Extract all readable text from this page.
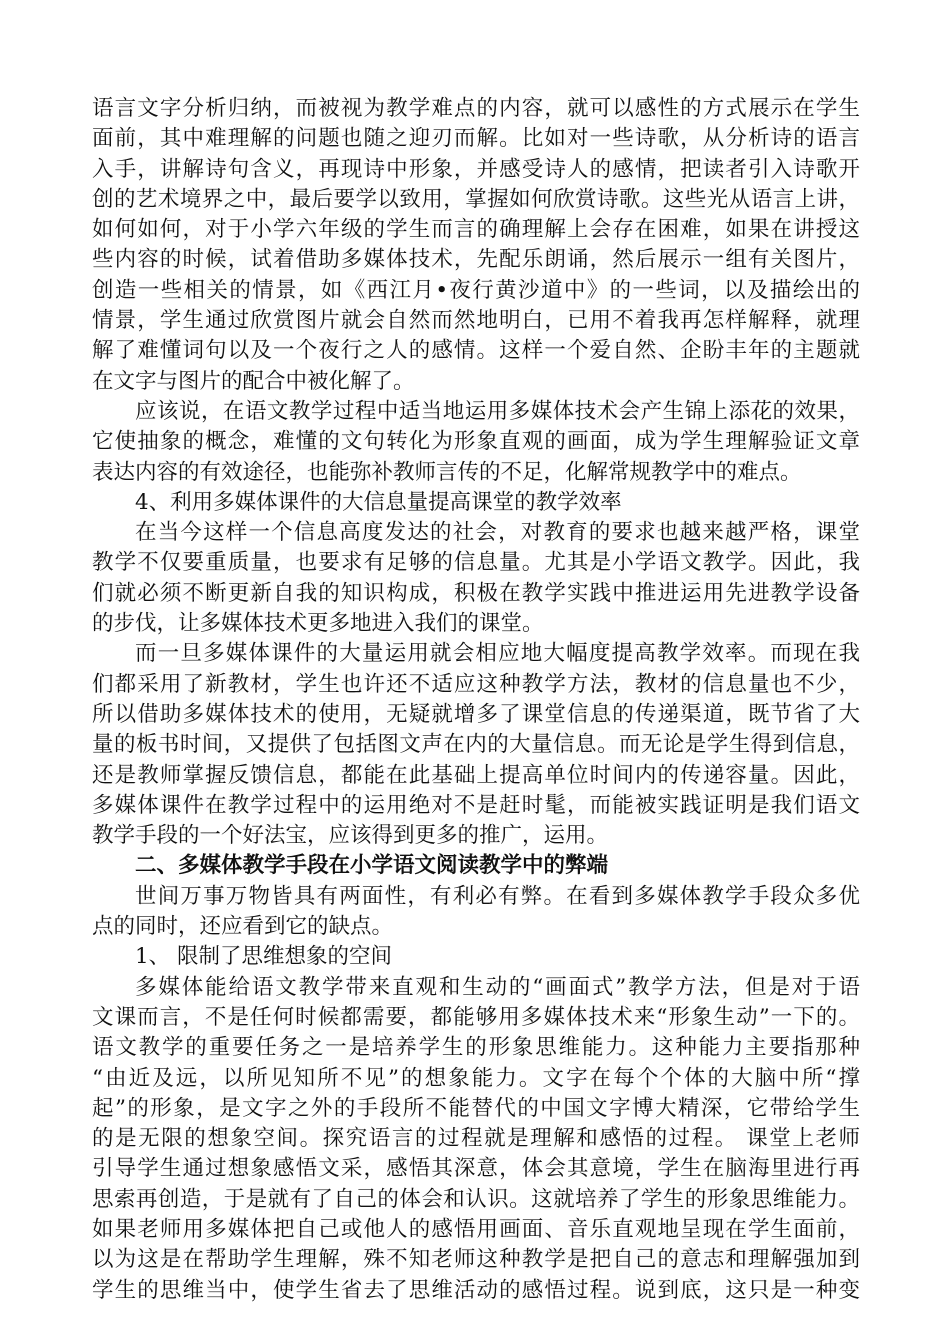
语言文字分析归纳，而被视为教学难点的内容，就可以感性的方式展示在学生
面前，其中难理解的问题也随之迎刃而解。比如对一些诗歌，从分析诗的语言
入手，讲解诗句含义，再现诗中形象，并感受诗人的感情，把读者引入诗歌开
创的艺术境界之中，最后要学以致用，掌握如何欣赏诗歌。这些光从语言上讲，
如何如何，对于小学六年级的学生而言的确理解上会存在困难，如果在讲授这
些内容的时候，试着借助多媒体技术，先配乐朗诵，然后展示一组有关图片，
创造一些相关的情景，如《西江月•夜行黄沙道中》的一些词，以及描绘出的
情景，学生通过欣赏图片就会自然而然地明白，已用不着我再怎样解释，就理
解了难懂词句以及一个夜行之人的感情。这样一个爱自然、企盼丰年的主题就
在文字与图片的配合中被化解了。
应该说，在语文教学过程中适当地运用多媒体技术会产生锦上添花的效果，
它使抽象的概念，难懂的文句转化为形象直观的画面，成为学生理解验证文章
表达内容的有效途径，也能弥补教师言传的不足，化解常规教学中的难点。
4、利用多媒体课件的大信息量提高课堂的教学效率
在当今这样一个信息高度发达的社会，对教育的要求也越来越严格，课堂
教学不仅要重质量，也要求有足够的信息量。尤其是小学语文教学。因此，我
们就必须不断更新自我的知识构成，积极在教学实践中推进运用先进教学设备
的步伐，让多媒体技术更多地进入我们的课堂。
而一旦多媒体课件的大量运用就会相应地大幅度提高教学效率。而现在我
们都采用了新教材，学生也许还不适应这种教学方法，教材的信息量也不少，
所以借助多媒体技术的使用，无疑就增多了课堂信息的传递渠道，既节省了大
量的板书时间，又提供了包括图文声在内的大量信息。而无论是学生得到信息，
还是教师掌握反馈信息，都能在此基础上提高单位时间内的传递容量。因此，
多媒体课件在教学过程中的运用绝对不是赶时髦，而能被实践证明是我们语文
教学手段的一个好法宝，应该得到更多的推广，运用。
二、多媒体教学手段在小学语文阅读教学中的弊端
世间万事万物皆具有两面性，有利必有弊。在看到多媒体教学手段众多优
点的同时，还应看到它的缺点。
1、 限制了思维想象的空间
多媒体能给语文教学带来直观和生动的“画面式”教学方法，但是对于语
文课而言，不是任何时候都需要，都能够用多媒体技术来“形象生动”一下的。
语文教学的重要任务之一是培养学生的形象思维能力。这种能力主要指那种
“由近及远，以所见知所不见”的想象能力。文字在每个个体的大脑中所“撑
起”的形象，是文字之外的手段所不能替代的中国文字博大精深，它带给学生
的是无限的想象空间。探究语言的过程就是理解和感悟的过程。 课堂上老师
引导学生通过想象感悟文采，感悟其深意，体会其意境，学生在脑海里进行再
思索再创造，于是就有了自己的体会和认识。这就培养了学生的形象思维能力。
如果老师用多媒体把自己或他人的感悟用画面、音乐直观地呈现在学生面前，
以为这是在帮助学生理解，殊不知老师这种教学是把自己的意志和理解强加到
学生的思维当中，使学生省去了思维活动的感悟过程。说到底，这只是一种变
